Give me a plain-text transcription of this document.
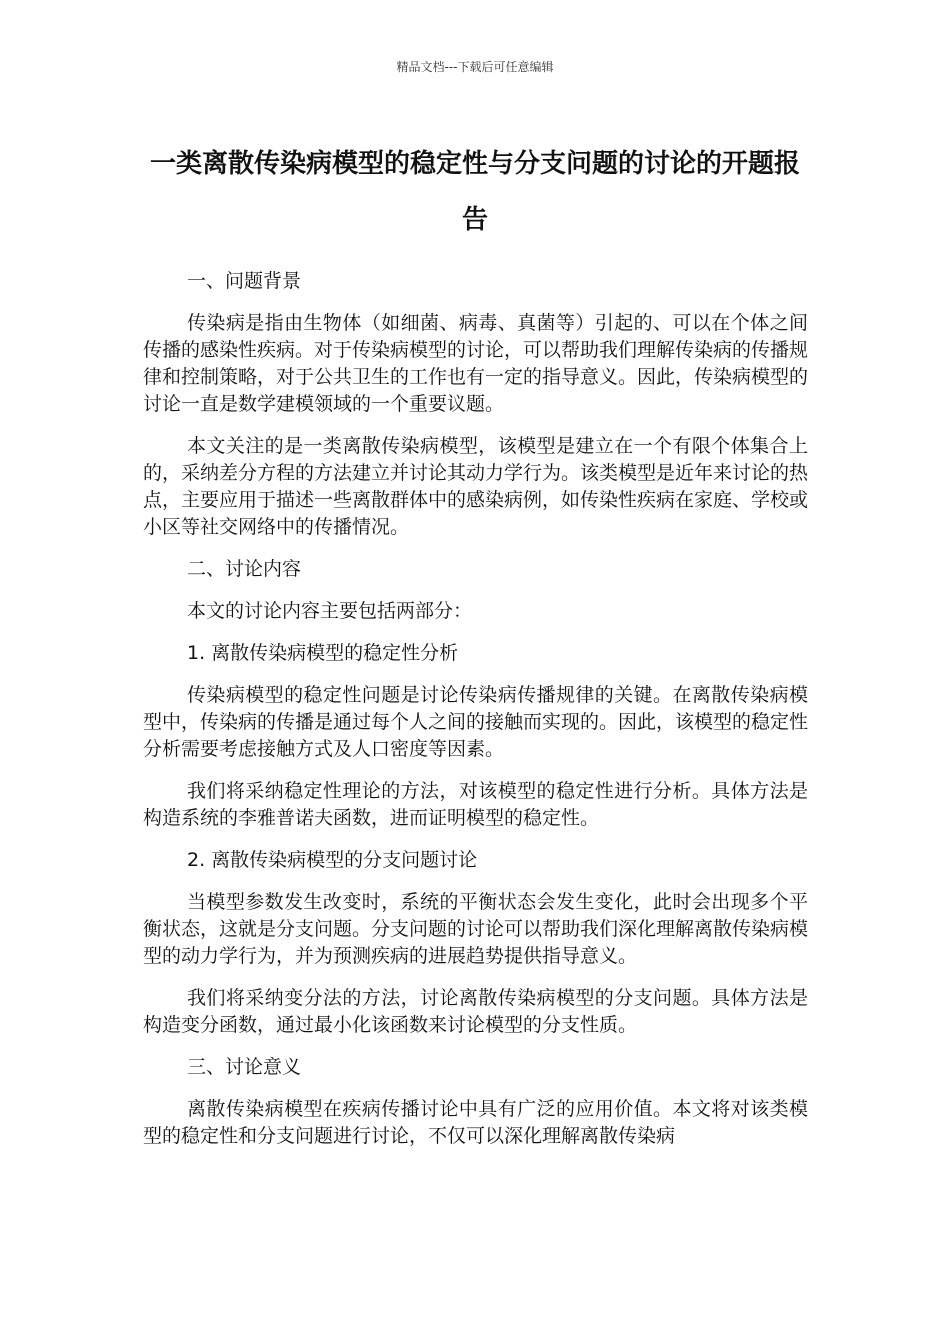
精品文档---下载后可任意编辑
一类离散传染病模型的稳定性与分支问题的讨论的开题报告
一、问题背景
传染病是指由生物体（如细菌、病毒、真菌等）引起的、可以在个体之间传播的感染性疾病。对于传染病模型的讨论，可以帮助我们理解传染病的传播规律和控制策略，对于公共卫生的工作也有一定的指导意义。因此，传染病模型的讨论一直是数学建模领域的一个重要议题。
本文关注的是一类离散传染病模型，该模型是建立在一个有限个体集合上的，采纳差分方程的方法建立并讨论其动力学行为。该类模型是近年来讨论的热点，主要应用于描述一些离散群体中的感染病例，如传染性疾病在家庭、学校或小区等社交网络中的传播情况。
二、讨论内容
本文的讨论内容主要包括两部分：
1. 离散传染病模型的稳定性分析
传染病模型的稳定性问题是讨论传染病传播规律的关键。在离散传染病模型中，传染病的传播是通过每个人之间的接触而实现的。因此，该模型的稳定性分析需要考虑接触方式及人口密度等因素。
我们将采纳稳定性理论的方法，对该模型的稳定性进行分析。具体方法是构造系统的李雅普诺夫函数，进而证明模型的稳定性。
2. 离散传染病模型的分支问题讨论
当模型参数发生改变时，系统的平衡状态会发生变化，此时会出现多个平衡状态，这就是分支问题。分支问题的讨论可以帮助我们深化理解离散传染病模型的动力学行为，并为预测疾病的进展趋势提供指导意义。
我们将采纳变分法的方法，讨论离散传染病模型的分支问题。具体方法是构造变分函数，通过最小化该函数来讨论模型的分支性质。
三、讨论意义
离散传染病模型在疾病传播讨论中具有广泛的应用价值。本文将对该类模型的稳定性和分支问题进行讨论，不仅可以深化理解离散传染病
